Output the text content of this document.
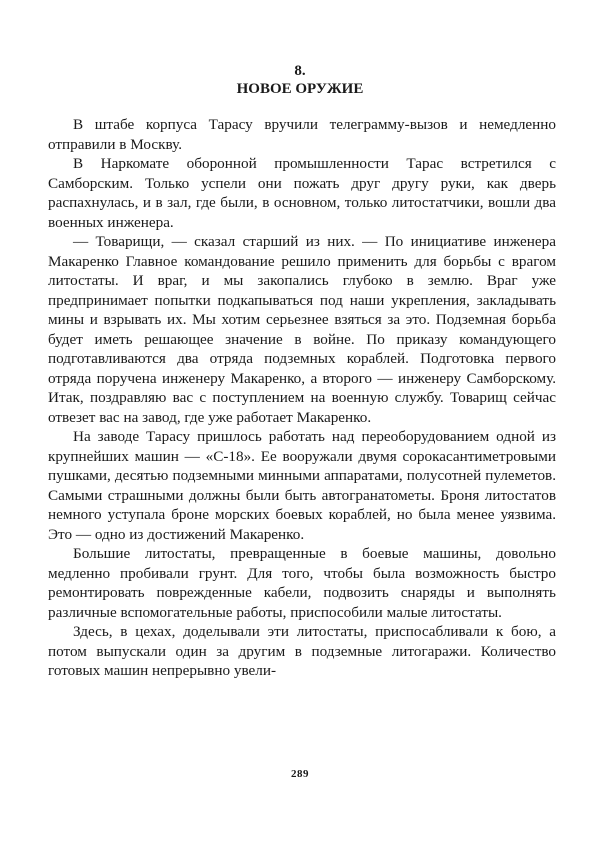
8.
НОВОЕ ОРУЖИЕ

В штабе корпуса Тарасу вручили телеграмму-вызов и немедленно отправили в Москву.

В Наркомате оборонной промышленности Тарас встретился с Самборским. Только успели они пожать друг другу руки, как дверь распахнулась, и в зал, где были, в основном, только литостатчики, вошли два военных инженера.

— Товарищи, — сказал старший из них. — По инициативе инженера Макаренко Главное командование решило применить для борьбы с врагом литостаты. И враг, и мы закопались глубоко в землю. Враг уже предпринимает попытки подкапываться под наши укрепления, закладывать мины и взрывать их. Мы хотим серьезнее взяться за это. Подземная борьба будет иметь решающее значение в войне. По приказу командующего подготавливаются два отряда подземных кораблей. Подготовка первого отряда поручена инженеру Макаренко, а второго — инженеру Самборскому. Итак, поздравляю вас с поступлением на военную службу. Товарищ сейчас отвезет вас на завод, где уже работает Макаренко.

На заводе Тарасу пришлось работать над переоборудованием одной из крупнейших машин — «С-18». Ее вооружали двумя сорокасантиметровыми пушками, десятью подземными минными аппаратами, полусотней пулеметов. Самыми страшными должны были быть автогранатометы. Броня литостатов немного уступала броне морских боевых кораблей, но была менее уязвима. Это — одно из достижений Макаренко.

Большие литостаты, превращенные в боевые машины, довольно медленно пробивали грунт. Для того, чтобы была возможность быстро ремонтировать поврежденные кабели, подвозить снаряды и выполнять различные вспомогательные работы, приспособили малые литостаты.

Здесь, в цехах, доделывали эти литостаты, приспосабливали к бою, а потом выпускали один за другим в подземные литогаражи. Количество готовых машин непрерывно увели-

289
